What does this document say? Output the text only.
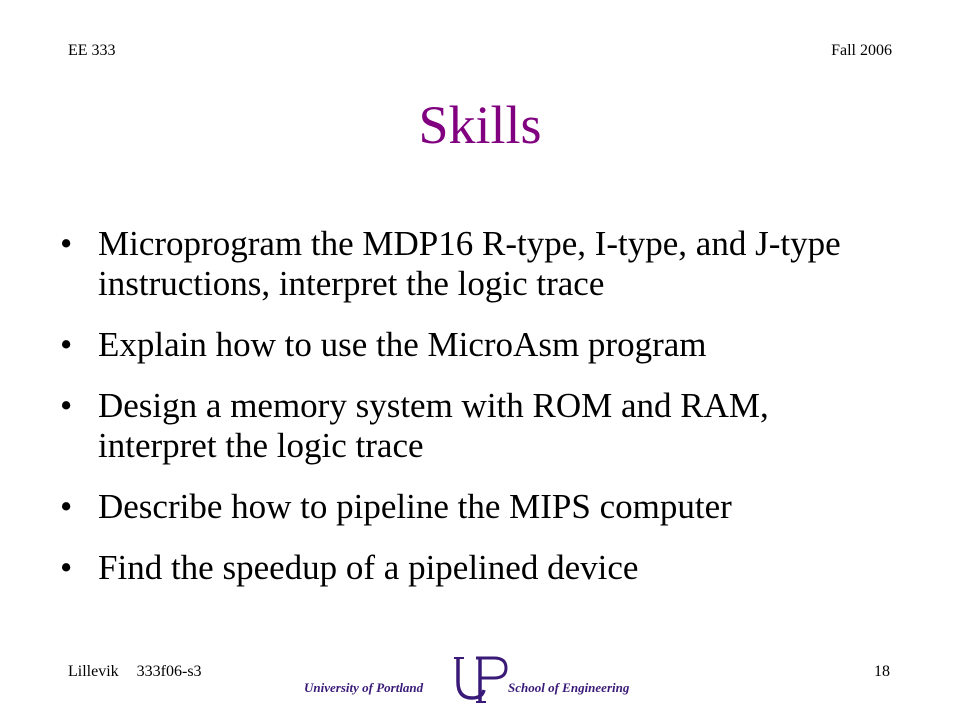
EE 333	Fall 2006
Skills
• Microprogram the MDP16 R-type, I-type, and J-type instructions, interpret the logic trace
• Explain how to use the MicroAsm program
• Design a memory system with ROM and RAM, interpret the logic trace
• Describe how to pipeline the MIPS computer
• Find the speedup of a pipelined device
Lillevik 333f06-s3
University of Portland	School of Engineering
18
